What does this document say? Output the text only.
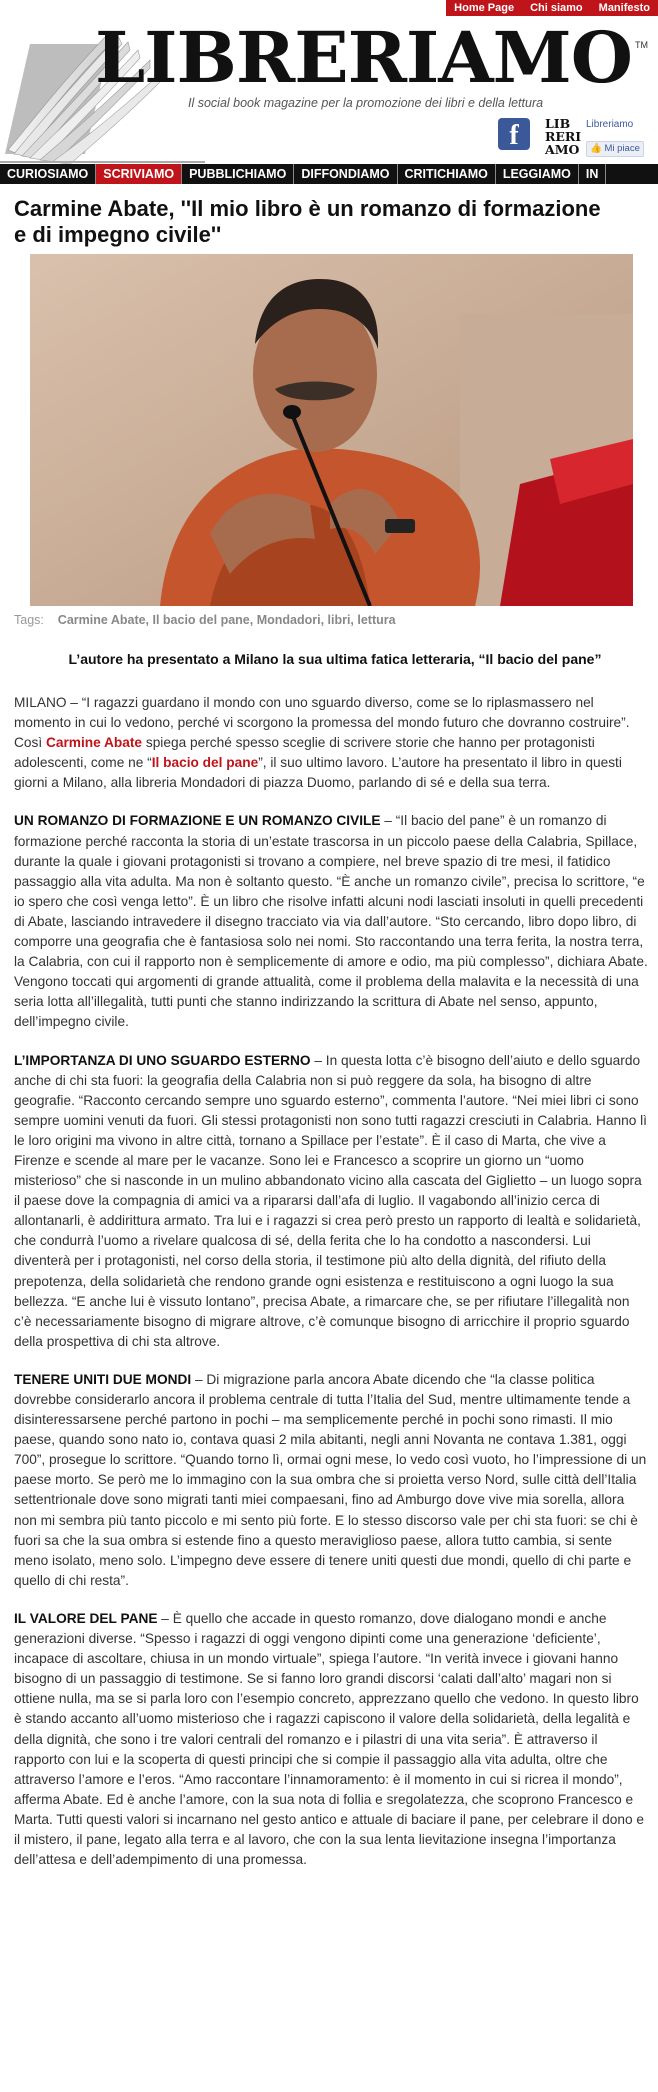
Home Page	Chi siamo	Manifesto
LIBRERIAMO TM
Il social book magazine per la promozione dei libri e della lettura
f	LIB
RERI
AMO
Libreriamo
👍 Mi piace
CURIOSIAMO	SCRIVIAMO	PUBBLICHIAMO	DIFFONDIAMO	CRITICHIAMO	LEGGIAMO	IN
Carmine Abate, ''Il mio libro è un romanzo di formazione e di impegno civile''
Tags: Carmine Abate, Il bacio del pane, Mondadori, libri, lettura
L’autore ha presentato a Milano la sua ultima fatica letteraria, “Il bacio del pane”

MILANO – “I ragazzi guardano il mondo con uno sguardo diverso, come se lo riplasmassero nel momento in cui lo vedono, perché vi scorgono la promessa del mondo futuro che dovranno costruire”. Così Carmine Abate spiega perché spesso sceglie di scrivere storie che hanno per protagonisti adolescenti, come ne “Il bacio del pane”, il suo ultimo lavoro. L’autore ha presentato il libro in questi giorni a Milano, alla libreria Mondadori di piazza Duomo, parlando di sé e della sua terra.

UN ROMANZO DI FORMAZIONE E UN ROMANZO CIVILE – “Il bacio del pane” è un romanzo di formazione perché racconta la storia di un’estate trascorsa in un piccolo paese della Calabria, Spillace, durante la quale i giovani protagonisti si trovano a compiere, nel breve spazio di tre mesi, il fatidico passaggio alla vita adulta. Ma non è soltanto questo. “È anche un romanzo civile”, precisa lo scrittore, “e io spero che così venga letto”. È un libro che risolve infatti alcuni nodi lasciati insoluti in quelli precedenti di Abate, lasciando intravedere il disegno tracciato via via dall’autore. “Sto cercando, libro dopo libro, di comporre una geografia che è fantasiosa solo nei nomi. Sto raccontando una terra ferita, la nostra terra, la Calabria, con cui il rapporto non è semplicemente di amore e odio, ma più complesso”, dichiara Abate. Vengono toccati qui argomenti di grande attualità, come il problema della malavita e la necessità di una seria lotta all’illegalità, tutti punti che stanno indirizzando la scrittura di Abate nel senso, appunto, dell’impegno civile.

L’IMPORTANZA DI UNO SGUARDO ESTERNO – In questa lotta c’è bisogno dell’aiuto e dello sguardo anche di chi sta fuori: la geografia della Calabria non si può reggere da sola, ha bisogno di altre geografie. “Racconto cercando sempre uno sguardo esterno”, commenta l’autore. “Nei miei libri ci sono sempre uomini venuti da fuori. Gli stessi protagonisti non sono tutti ragazzi cresciuti in Calabria. Hanno lì le loro origini ma vivono in altre città, tornano a Spillace per l’estate”. È il caso di Marta, che vive a Firenze e scende al mare per le vacanze. Sono lei e Francesco a scoprire un giorno un “uomo misterioso” che si nasconde in un mulino abbandonato vicino alla cascata del Giglietto – un luogo sopra il paese dove la compagnia di amici va a ripararsi dall’afa di luglio. Il vagabondo all’inizio cerca di allontanarli, è addirittura armato. Tra lui e i ragazzi si crea però presto un rapporto di lealtà e solidarietà, che condurrà l’uomo a rivelare qualcosa di sé, della ferita che lo ha condotto a nascondersi. Lui diventerà per i protagonisti, nel corso della storia, il testimone più alto della dignità, del rifiuto della prepotenza, della solidarietà che rendono grande ogni esistenza e restituiscono a ogni luogo la sua bellezza. “E anche lui è vissuto lontano”, precisa Abate, a rimarcare che, se per rifiutare l’illegalità non c’è necessariamente bisogno di migrare altrove, c’è comunque bisogno di arricchire il proprio sguardo della prospettiva di chi sta altrove.

TENERE UNITI DUE MONDI – Di migrazione parla ancora Abate dicendo che “la classe politica dovrebbe considerarlo ancora il problema centrale di tutta l’Italia del Sud, mentre ultimamente tende a disinteressarsene perché partono in pochi – ma semplicemente perché in pochi sono rimasti. Il mio paese, quando sono nato io, contava quasi 2 mila abitanti, negli anni Novanta ne contava 1.381, oggi 700”, prosegue lo scrittore. “Quando torno lì, ormai ogni mese, lo vedo così vuoto, ho l’impressione di un paese morto. Se però me lo immagino con la sua ombra che si proietta verso Nord, sulle città dell’Italia settentrionale dove sono migrati tanti miei compaesani, fino ad Amburgo dove vive mia sorella, allora non mi sembra più tanto piccolo e mi sento più forte. E lo stesso discorso vale per chi sta fuori: se chi è fuori sa che la sua ombra si estende fino a questo meraviglioso paese, allora tutto cambia, si sente meno isolato, meno solo. L’impegno deve essere di tenere uniti questi due mondi, quello di chi parte e quello di chi resta”.

IL VALORE DEL PANE – È quello che accade in questo romanzo, dove dialogano mondi e anche generazioni diverse. “Spesso i ragazzi di oggi vengono dipinti come una generazione ‘deficiente’, incapace di ascoltare, chiusa in un mondo virtuale”, spiega l’autore. “In verità invece i giovani hanno bisogno di un passaggio di testimone. Se si fanno loro grandi discorsi ‘calati dall’alto’ magari non si ottiene nulla, ma se si parla loro con l’esempio concreto, apprezzano quello che vedono. In questo libro è stando accanto all’uomo misterioso che i ragazzi capiscono il valore della solidarietà, della legalità e della dignità, che sono i tre valori centrali del romanzo e i pilastri di una vita seria”. È attraverso il rapporto con lui e la scoperta di questi principi che si compie il passaggio alla vita adulta, oltre che attraverso l’amore e l’eros. “Amo raccontare l’innamoramento: è il momento in cui si ricrea il mondo”, afferma Abate. Ed è anche l’amore, con la sua nota di follia e sregolatezza, che scoprono Francesco e Marta. Tutti questi valori si incarnano nel gesto antico e attuale di baciare il pane, per celebrare il dono e il mistero, il pane, legato alla terra e al lavoro, che con la sua lenta lievitazione insegna l’importanza dell’attesa e dell’adempimento di una promessa.
